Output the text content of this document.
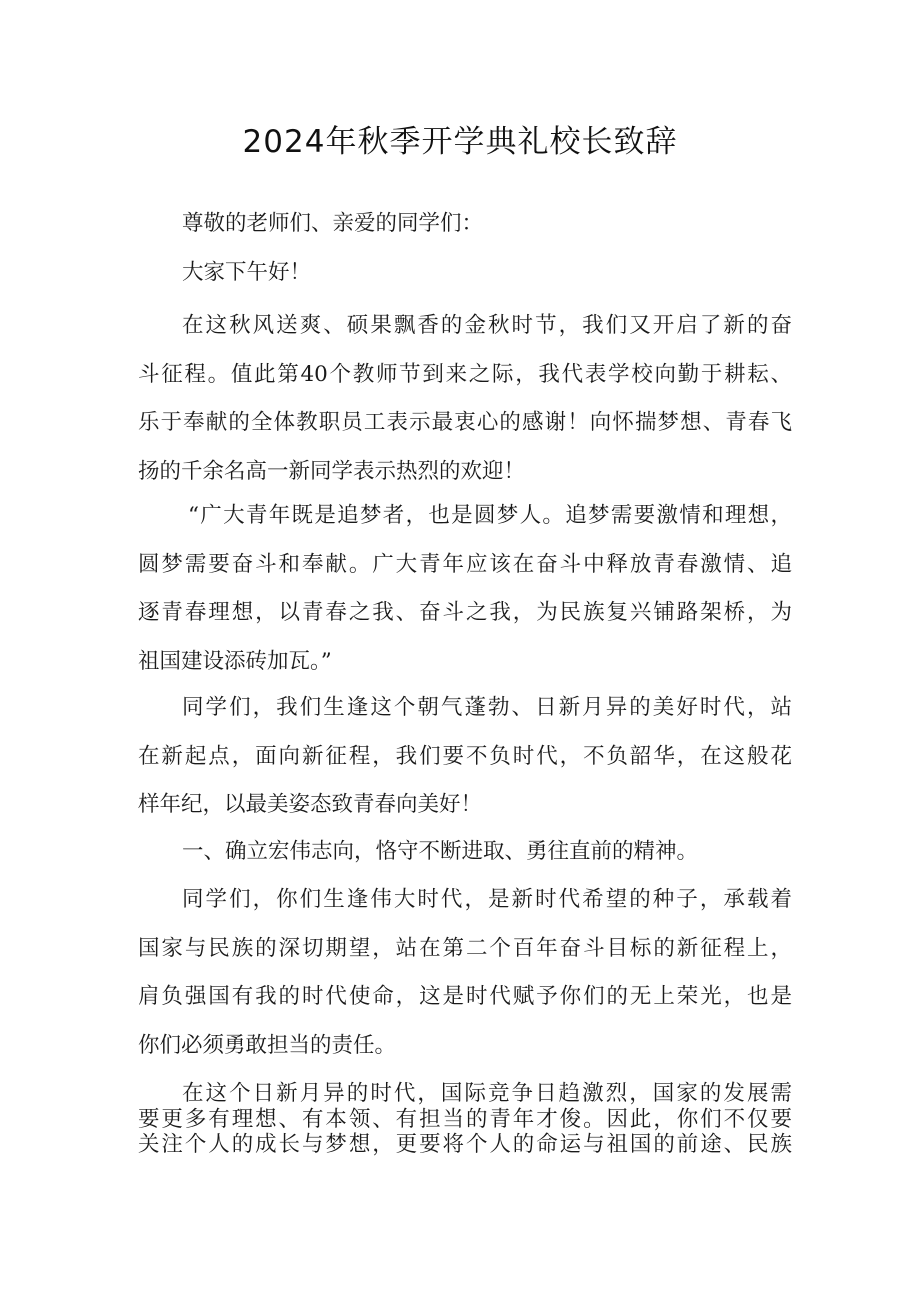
2024年秋季开学典礼校长致辞
尊敬的老师们、亲爱的同学们：
大家下午好！
在这秋风送爽、硕果飘香的金秋时节，我们又开启了新的奋
斗征程。值此第40个教师节到来之际，我代表学校向勤于耕耘、
乐于奉献的全体教职员工表示最衷心的感谢！向怀揣梦想、青春飞
扬的千余名高一新同学表示热烈的欢迎！
“广大青年既是追梦者，也是圆梦人。追梦需要激情和理想，
圆梦需要奋斗和奉献。广大青年应该在奋斗中释放青春激情、追
逐青春理想，以青春之我、奋斗之我，为民族复兴铺路架桥，为
祖国建设添砖加瓦。”
同学们，我们生逢这个朝气蓬勃、日新月异的美好时代，站
在新起点，面向新征程，我们要不负时代，不负韶华，在这般花
样年纪，以最美姿态致青春向美好！
一、确立宏伟志向，恪守不断进取、勇往直前的精神。
同学们，你们生逢伟大时代，是新时代希望的种子，承载着
国家与民族的深切期望，站在第二个百年奋斗目标的新征程上，
肩负强国有我的时代使命，这是时代赋予你们的无上荣光，也是
你们必须勇敢担当的责任。
在这个日新月异的时代，国际竞争日趋激烈，国家的发展需
要更多有理想、有本领、有担当的青年才俊。因此，你们不仅要
关注个人的成长与梦想，更要将个人的命运与祖国的前途、民族
